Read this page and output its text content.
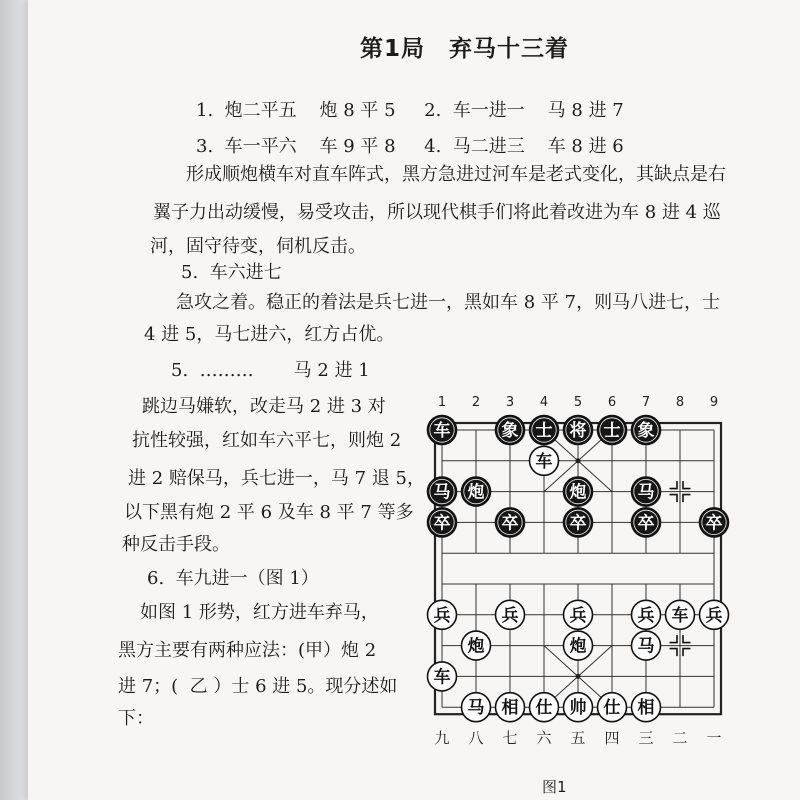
第1局　弃马十三着
1.  炮二平五    炮 8 平 5     2.  车一进一    马 8 进 7
3.  车一平六    车 9 平 8     4.  马二进三    车 8 进 6
形成顺炮横车对直车阵式，黑方急进过河车是老式变化，其缺点是右
翼子力出动缓慢，易受攻击，所以现代棋手们将此着改进为车 8 进 4 巡
河，固守待变，伺机反击。
5.  车六进七
急攻之着。稳正的着法是兵七进一，黑如车 8 平 7，则马八进七，士
4 进 5，马七进六，红方占优。
5.  ………       马 2 进 1
跳边马嫌软，改走马 2 进 3 对
抗性较强，红如车六平七，则炮 2
进 2 赔保马，兵七进一，马 7 退 5，
以下黑有炮 2 平 6 及车 8 平 7 等多
种反击手段。
6.  车九进一（图 1）
如图 1 形势，红方进车弃马，
黑方主要有两种应法：(甲）炮 2
进 7；(  乙 ）士 6 进 5。现分述如
下：
1 2 3 4 5 6 7 8 9
九 八 七 六 五 四 三 二 一
车	象 士 将 士 象
马 炮	炮	马
卒	卒	卒	卒	卒
车
车
兵	兵	兵	兵	兵
炮	炮	马
车
马 相 仕 帅 仕 相
图1
